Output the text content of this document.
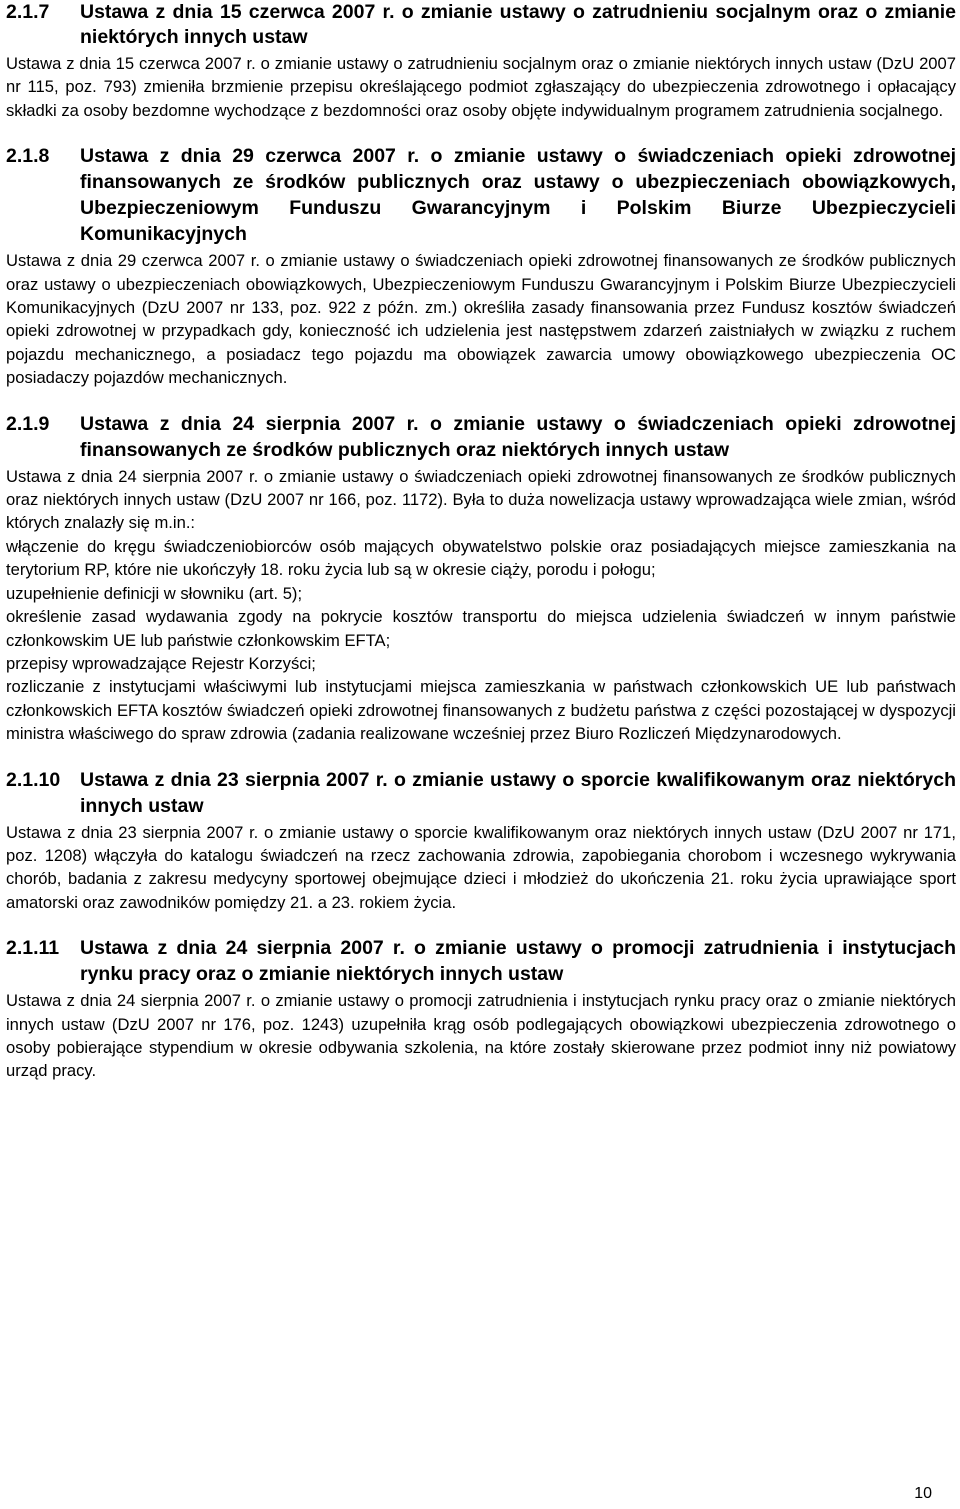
2.1.7	Ustawa z dnia 15 czerwca 2007 r. o zmianie ustawy o zatrudnieniu socjalnym oraz o zmianie niektórych innych ustaw

Ustawa z dnia 15 czerwca 2007 r. o zmianie ustawy o zatrudnieniu socjalnym oraz o zmianie niektórych innych ustaw (DzU 2007 nr 115, poz. 793) zmieniła brzmienie przepisu określającego podmiot zgłaszający do ubezpieczenia zdrowotnego i opłacający składki za osoby bezdomne wychodzące z bezdomności oraz osoby objęte indywidualnym programem zatrudnienia socjalnego.

2.1.8	Ustawa z dnia 29 czerwca 2007 r. o zmianie ustawy o świadczeniach opieki zdrowotnej finansowanych ze środków publicznych oraz ustawy o ubezpieczeniach obowiązkowych, Ubezpieczeniowym Funduszu Gwarancyjnym i Polskim Biurze Ubezpieczycieli Komunikacyjnych

Ustawa z dnia 29 czerwca 2007 r. o zmianie ustawy o świadczeniach opieki zdrowotnej finansowanych ze środków publicznych oraz ustawy o ubezpieczeniach obowiązkowych, Ubezpieczeniowym Funduszu Gwarancyjnym i Polskim Biurze Ubezpieczycieli Komunikacyjnych (DzU 2007 nr 133, poz. 922 z późn. zm.) określiła zasady finansowania przez Fundusz kosztów świadczeń opieki zdrowotnej w przypadkach gdy, konieczność ich udzielenia jest następstwem zdarzeń zaistniałych w związku z ruchem pojazdu mechanicznego, a posiadacz tego pojazdu ma obowiązek zawarcia umowy obowiązkowego ubezpieczenia OC posiadaczy pojazdów mechanicznych.

2.1.9	Ustawa z dnia 24 sierpnia 2007 r. o zmianie ustawy o świadczeniach opieki zdrowotnej finansowanych ze środków publicznych oraz niektórych innych ustaw

Ustawa z dnia 24 sierpnia 2007 r. o zmianie ustawy o świadczeniach opieki zdrowotnej finansowanych ze środków publicznych oraz niektórych innych ustaw (DzU 2007 nr 166, poz. 1172). Była to duża nowelizacja ustawy wprowadzająca wiele zmian, wśród których znalazły się m.in.:

włączenie do kręgu świadczeniobiorców osób mających obywatelstwo polskie oraz posiadających miejsce zamieszkania na terytorium RP, które nie ukończyły 18. roku życia lub są w okresie ciąży, porodu i połogu;

uzupełnienie definicji w słowniku (art. 5);

określenie zasad wydawania zgody na pokrycie kosztów transportu do miejsca udzielenia świadczeń w innym państwie członkowskim UE lub państwie członkowskim EFTA;

przepisy wprowadzające Rejestr Korzyści;

rozliczanie z instytucjami właściwymi lub instytucjami miejsca zamieszkania w państwach członkowskich UE lub państwach członkowskich EFTA kosztów świadczeń opieki zdrowotnej finansowanych z budżetu państwa z części pozostającej w dyspozycji ministra właściwego do spraw zdrowia (zadania realizowane wcześniej przez Biuro Rozliczeń Międzynarodowych.

2.1.10	Ustawa z dnia 23 sierpnia 2007 r. o zmianie ustawy o sporcie kwalifikowanym oraz niektórych innych ustaw

Ustawa z dnia 23 sierpnia 2007 r. o zmianie ustawy o sporcie kwalifikowanym oraz niektórych innych ustaw (DzU 2007 nr 171, poz. 1208) włączyła do katalogu świadczeń na rzecz zachowania zdrowia, zapobiegania chorobom i wczesnego wykrywania chorób, badania z zakresu medycyny sportowej obejmujące dzieci i młodzież do ukończenia 21. roku życia uprawiające sport amatorski oraz zawodników pomiędzy 21. a 23. rokiem życia.

2.1.11	Ustawa z dnia 24 sierpnia 2007 r. o zmianie ustawy o promocji zatrudnienia i instytucjach rynku pracy oraz o zmianie niektórych innych ustaw

Ustawa z dnia 24 sierpnia 2007 r. o zmianie ustawy o promocji zatrudnienia i instytucjach rynku pracy oraz o zmianie niektórych innych ustaw (DzU 2007 nr 176, poz. 1243) uzupełniła krąg osób podlegających obowiązkowi ubezpieczenia zdrowotnego o osoby pobierające stypendium w okresie odbywania szkolenia, na które zostały skierowane przez podmiot inny niż powiatowy urząd pracy.

10
